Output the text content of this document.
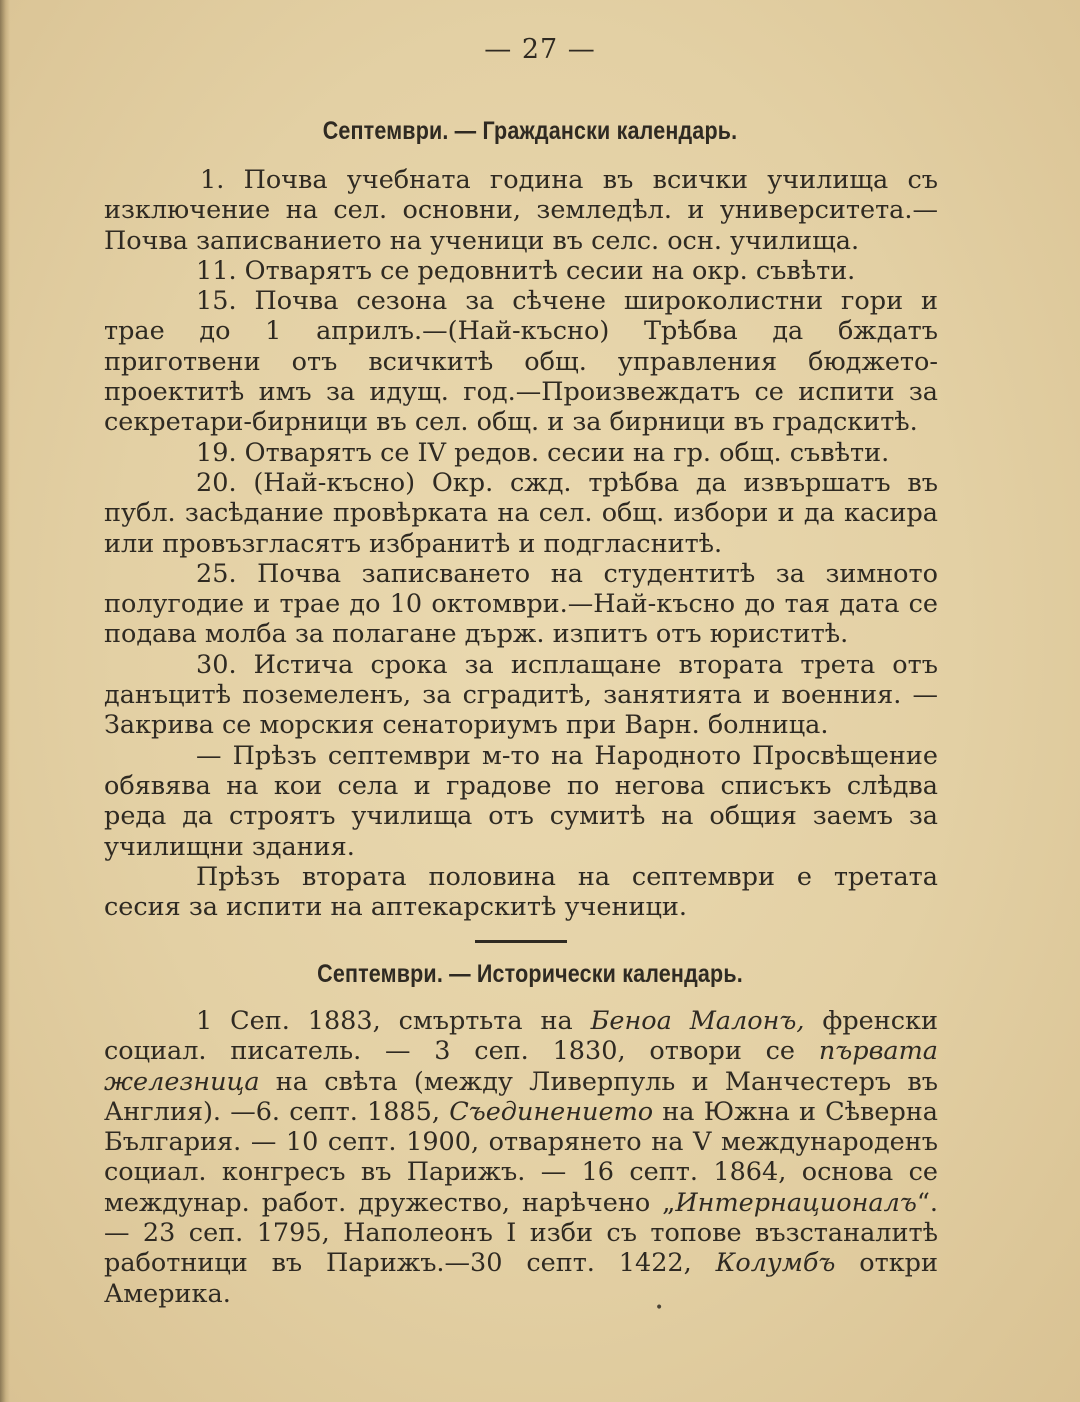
— 27 —
Септември. — Граждански календарь.

1. Почва учебната година въ всички училища съ изключение на сел. основни, земледѣл. и университета.— Почва записванието на ученици въ селс. осн. училища.

11. Отварятъ се редовнитѣ сесии на окр. съвѣти.

15. Почва сезона за сѣчене широколистни гори и трае до 1 априлъ.—(Най-късно) Трѣбва да бждатъ приготвени отъ всичкитѣ общ. управления бюджето-проектитѣ имъ за идущ. год.—Произвеждатъ се испити за секретари-бирници въ сел. общ. и за бирници въ градскитѣ.

19. Отварятъ се IV редов. сесии на гр. общ. съвѣти.

20. (Най-късно) Окр. сжд. трѣбва да извършатъ въ публ. засѣдание провѣрката на сел. общ. избори и да касира или провъзгласятъ избранитѣ и подгласнитѣ.

25. Почва записването на студентитѣ за зимното полугодие и трае до 10 октомври.—Най-късно до тая дата се подава молба за полагане държ. изпитъ отъ юриститѣ.

30. Истича срока за исплащане втората трета отъ данъцитѣ поземеленъ, за сградитѣ, занятията и военния. —Закрива се морския сенаториумъ при Варн. болница.

— Прѣзъ септември м-то на Народното Просвѣщение обявява на кои села и градове по негова списъкъ слѣдва реда да строятъ училища отъ сумитѣ на общия заемъ за училищни здания.

Прѣзъ втората половина на септември е третата сесия за испити на аптекарскитѣ ученици.

Септември. — Исторически календарь.

1 Сеп. 1883, смъртьта на Беноа Малонъ, френски социал. писатель. — 3 сеп. 1830, отвори се първата железница на свѣта (между Ливерпуль и Манчестеръ въ Англия). —6. септ. 1885, Съединението на Южна и Сѣверна България. — 10 септ. 1900, отварянето на V международенъ социал. конгресъ въ Парижъ. — 16 септ. 1864, основа се междунар. работ. дружество, нарѣчено „Интернационалъ“.— 23 сеп. 1795, Наполеонъ I изби съ топове възстаналитѣ работници въ Парижъ.—30 септ. 1422, Колумбъ откри Америка.	•
